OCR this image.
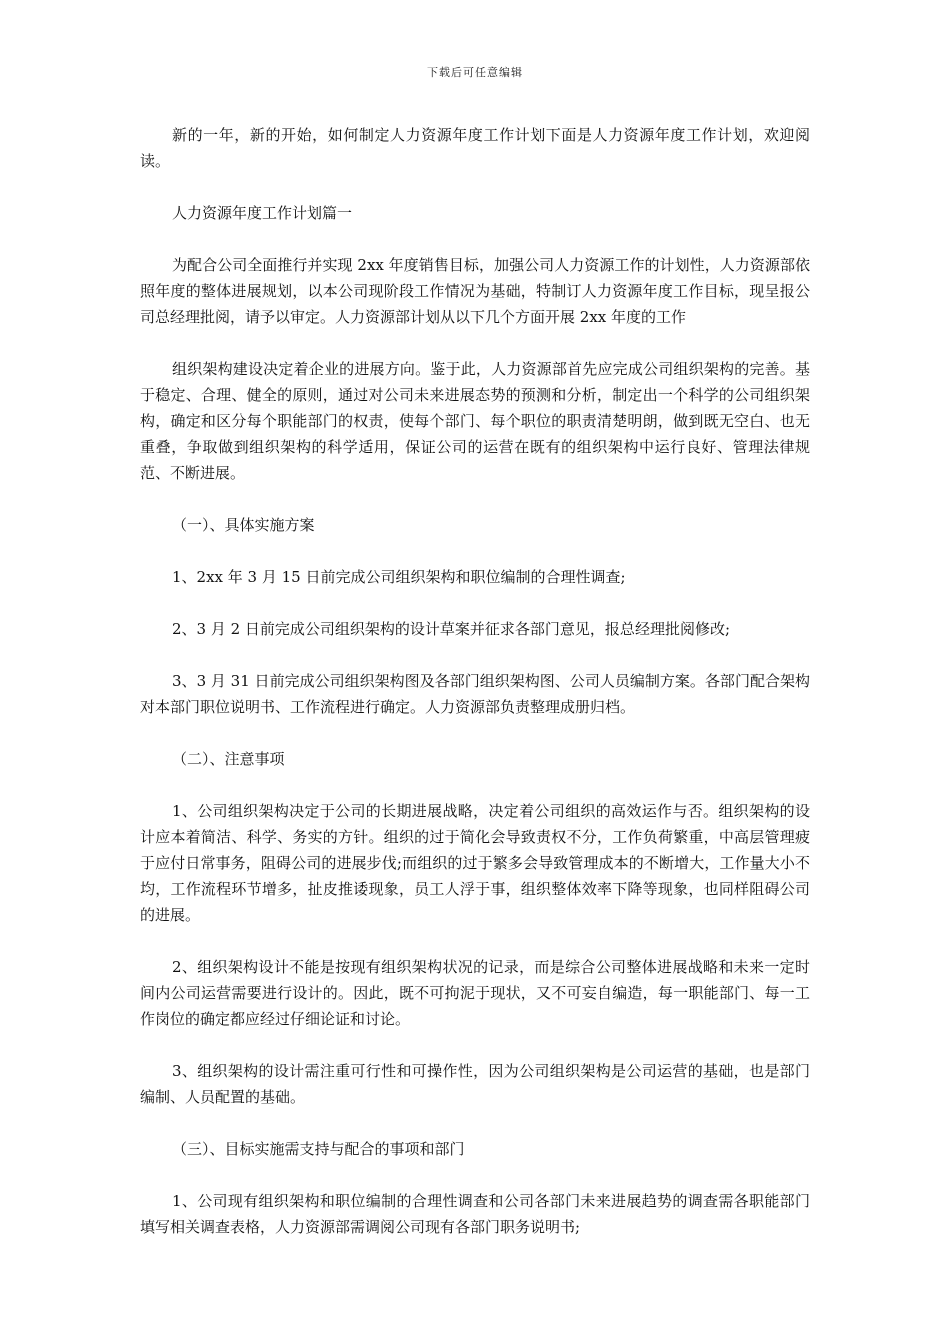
下载后可任意编辑

新的一年，新的开始，如何制定人力资源年度工作计划下面是人力资源年度工作计划，欢迎阅读。

人力资源年度工作计划篇一

为配合公司全面推行并实现 2xx 年度销售目标，加强公司人力资源工作的计划性，人力资源部依照年度的整体进展规划，以本公司现阶段工作情况为基础，特制订人力资源年度工作目标，现呈报公司总经理批阅，请予以审定。人力资源部计划从以下几个方面开展 2xx 年度的工作

组织架构建设决定着企业的进展方向。鉴于此，人力资源部首先应完成公司组织架构的完善。基于稳定、合理、健全的原则，通过对公司未来进展态势的预测和分析，制定出一个科学的公司组织架构，确定和区分每个职能部门的权责，使每个部门、每个职位的职责清楚明朗，做到既无空白、也无重叠，争取做到组织架构的科学适用，保证公司的运营在既有的组织架构中运行良好、管理法律规范、不断进展。

（一）、具体实施方案

1、2xx 年 3 月 15 日前完成公司组织架构和职位编制的合理性调查;

2、3 月 2 日前完成公司组织架构的设计草案并征求各部门意见，报总经理批阅修改;

3、3 月 31 日前完成公司组织架构图及各部门组织架构图、公司人员编制方案。各部门配合架构对本部门职位说明书、工作流程进行确定。人力资源部负责整理成册归档。

（二）、注意事项

1、公司组织架构决定于公司的长期进展战略，决定着公司组织的高效运作与否。组织架构的设计应本着简洁、科学、务实的方针。组织的过于简化会导致责权不分，工作负荷繁重，中高层管理疲于应付日常事务，阻碍公司的进展步伐;而组织的过于繁多会导致管理成本的不断增大，工作量大小不均，工作流程环节增多，扯皮推诿现象，员工人浮于事，组织整体效率下降等现象，也同样阻碍公司的进展。

2、组织架构设计不能是按现有组织架构状况的记录，而是综合公司整体进展战略和未来一定时间内公司运营需要进行设计的。因此，既不可拘泥于现状，又不可妄自编造，每一职能部门、每一工作岗位的确定都应经过仔细论证和讨论。

3、组织架构的设计需注重可行性和可操作性，因为公司组织架构是公司运营的基础，也是部门编制、人员配置的基础。

（三）、目标实施需支持与配合的事项和部门

1、公司现有组织架构和职位编制的合理性调查和公司各部门未来进展趋势的调查需各职能部门填写相关调查表格，人力资源部需调阅公司现有各部门职务说明书;
